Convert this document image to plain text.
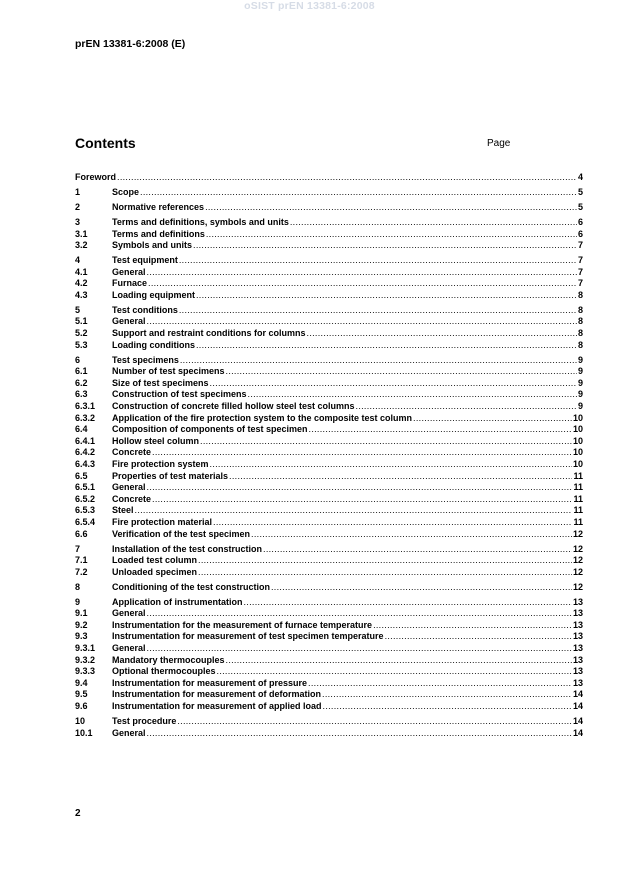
oSIST prEN 13381-6:2008
prEN 13381-6:2008 (E)
Contents	Page
Foreword .....	4
1	Scope .....	5
2	Normative references .....	5
3	Terms and definitions, symbols and units .....	6
3.1	Terms and definitions .....	6
3.2	Symbols and units .....	7
4	Test equipment .....	7
4.1	General .....	7
4.2	Furnace .....	7
4.3	Loading equipment .....	8
5	Test conditions .....	8
5.1	General .....	8
5.2	Support and restraint conditions for columns .....	8
5.3	Loading conditions .....	8
6	Test specimens .....	9
6.1	Number of test specimens .....	9
6.2	Size of test specimens .....	9
6.3	Construction of test specimens .....	9
6.3.1	Construction of concrete filled hollow steel test columns .....	9
6.3.2	Application of the fire protection system to the composite test column .....	10
6.4	Composition of components of test specimen .....	10
6.4.1	Hollow steel column .....	10
6.4.2	Concrete .....	10
6.4.3	Fire protection system .....	10
6.5	Properties of test materials .....	11
6.5.1	General .....	11
6.5.2	Concrete .....	11
6.5.3	Steel .....	11
6.5.4	Fire protection material .....	11
6.6	Verification of the test specimen .....	12
7	Installation of the test construction .....	12
7.1	Loaded test column .....	12
7.2	Unloaded specimen .....	12
8	Conditioning of the test construction .....	12
9	Application of instrumentation .....	13
9.1	General .....	13
9.2	Instrumentation for the measurement of furnace temperature .....	13
9.3	Instrumentation for measurement of test specimen temperature .....	13
9.3.1	General .....	13
9.3.2	Mandatory thermocouples .....	13
9.3.3	Optional thermocouples .....	13
9.4	Instrumentation for measurement of pressure .....	13
9.5	Instrumentation for measurement of deformation .....	14
9.6	Instrumentation for measurement of applied load .....	14
10	Test procedure .....	14
10.1	General .....	14
2
